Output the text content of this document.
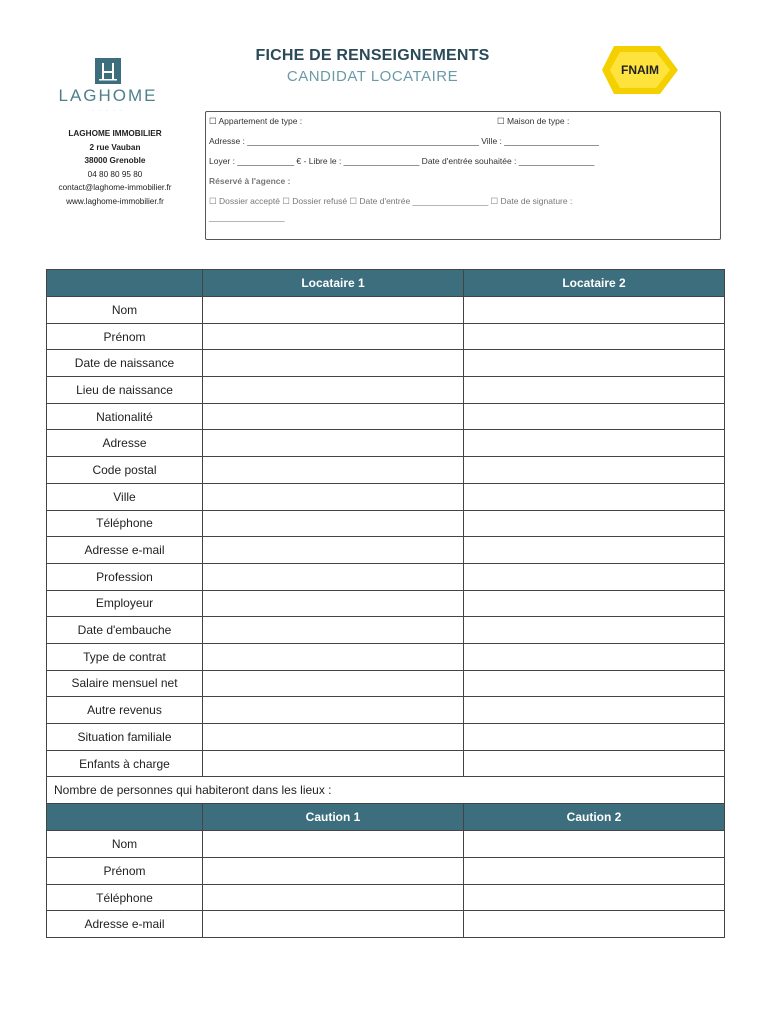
LAGHOME
· · · · ·
LAGHOME IMMOBILIER
2 rue Vauban
38000 Grenoble
04 80 80 95 80
contact@laghome-immobilier.fr
www.laghome-immobilier.fr
FICHE DE RENSEIGNEMENTS
CANDIDAT LOCATAIRE	FNAIM
☐ Appartement de type :	☐ Maison de type :
Adresse : _________________________________________________ Ville : ____________________
Loyer : ____________ € - Libre le : ________________ Date d'entrée souhaitée : ________________
Réservé à l'agence :
☐ Dossier accepté ☐ Dossier refusé ☐ Date d'entrée ________________ ☐ Date de signature :
________________
	Locataire 1	Locataire 2
Nom		
Prénom		
Date de naissance		
Lieu de naissance		
Nationalité		
Adresse		
Code postal		
Ville		
Téléphone		
Adresse e-mail		
Profession		
Employeur		
Date d'embauche		
Type de contrat		
Salaire mensuel net		
Autre revenus		
Situation familiale		
Enfants à charge		
Nombre de personnes qui habiteront dans les lieux :		
	Caution 1	Caution 2
Nom		
Prénom		
Téléphone		
Adresse e-mail		
